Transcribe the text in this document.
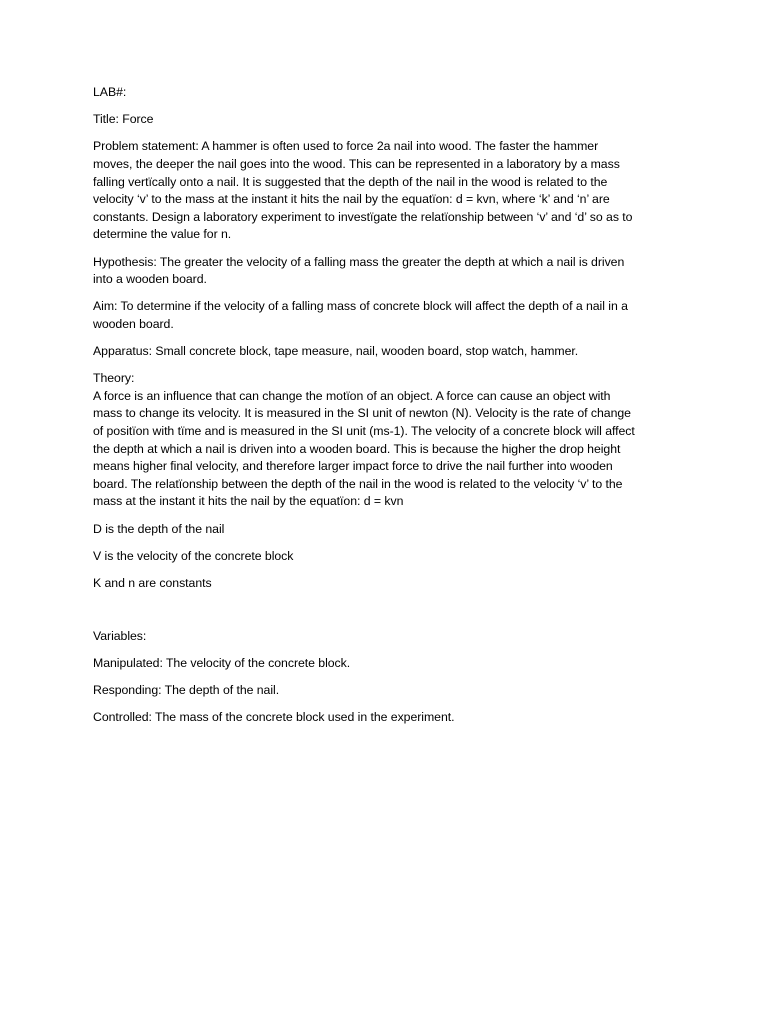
LAB#:

Title: Force

Problem statement: A hammer is often used to force 2a nail into wood. The faster the hammer
moves, the deeper the nail goes into the wood. This can be represented in a laboratory by a mass
falling vertïcally onto a nail. It is suggested that the depth of the nail in the wood is related to the
velocity ‘v’ to the mass at the instant it hits the nail by the equatïon: d = kvn, where ‘k’ and ‘n’ are
constants. Design a laboratory experiment to investïgate the relatïonship between ‘v’ and ‘d’ so as to
determine the value for n.

Hypothesis: The greater the velocity of a falling mass the greater the depth at which a nail is driven
into a wooden board.

Aim: To determine if the velocity of a falling mass of concrete block will affect the depth of a nail in a
wooden board.

Apparatus: Small concrete block, tape measure, nail, wooden board, stop watch, hammer.

Theory:
A force is an influence that can change the motïon of an object. A force can cause an object with
mass to change its velocity. It is measured in the SI unit of newton (N). Velocity is the rate of change
of positïon with tïme and is measured in the SI unit (ms-1). The velocity of a concrete block will affect
the depth at which a nail is driven into a wooden board. This is because the higher the drop height
means higher final velocity, and therefore larger impact force to drive the nail further into wooden
board. The relatïonship between the depth of the nail in the wood is related to the velocity ‘v’ to the
mass at the instant it hits the nail by the equatïon: d = kvn

D is the depth of the nail

V is the velocity of the concrete block

K and n are constants

Variables:

Manipulated: The velocity of the concrete block.

Responding: The depth of the nail.

Controlled: The mass of the concrete block used in the experiment.
